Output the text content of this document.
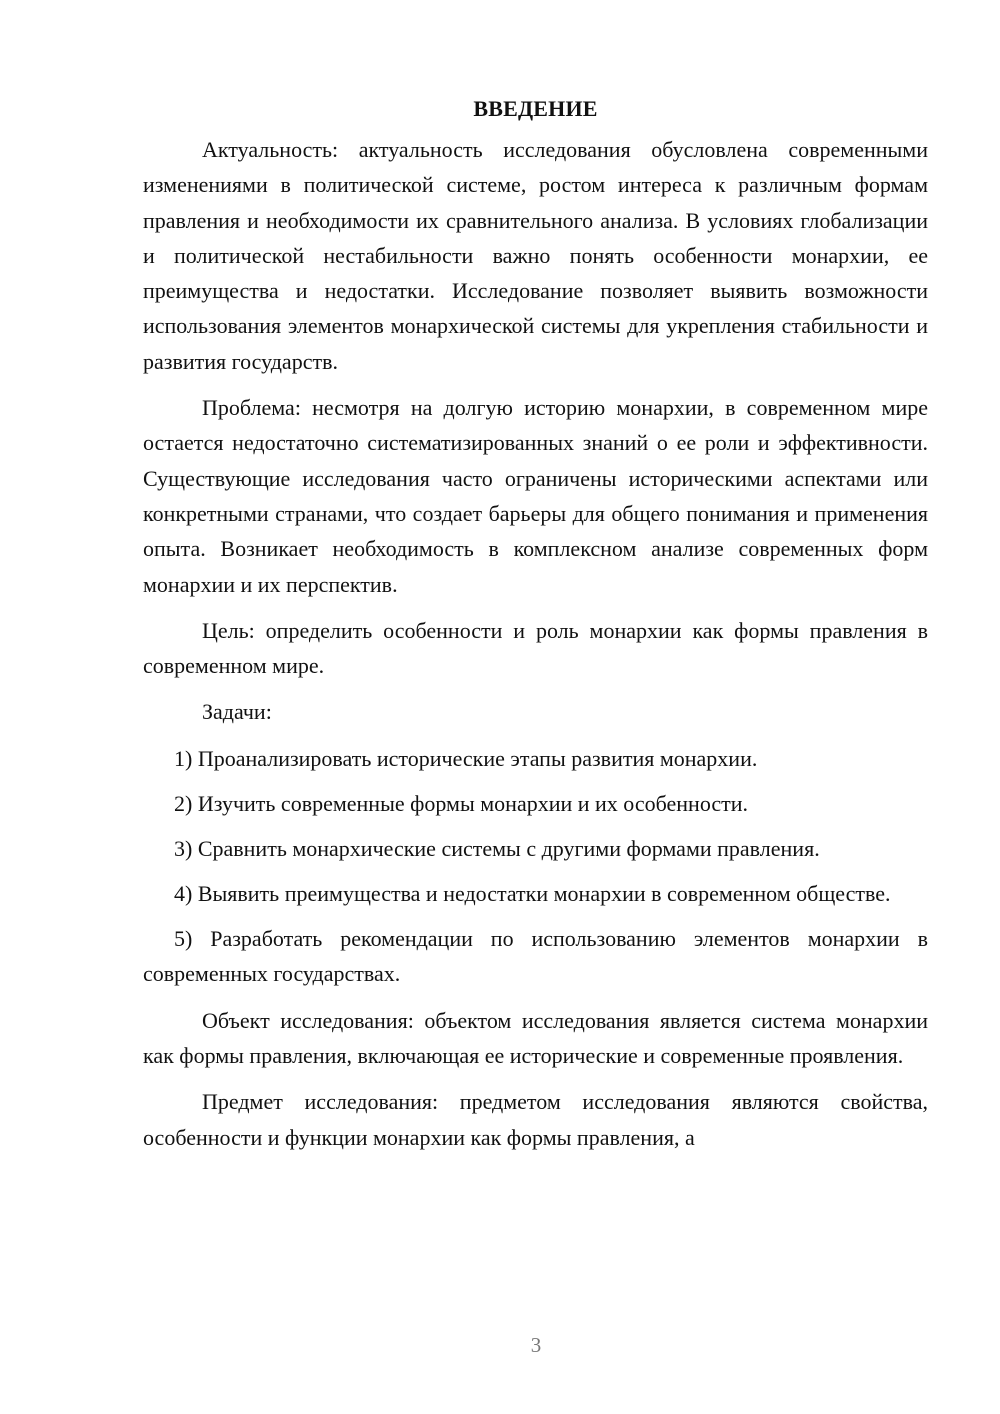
ВВЕДЕНИЕ

Актуальность: актуальность исследования обусловлена современными изменениями в политической системе, ростом интереса к различным формам правления и необходимости их сравнительного анализа. В условиях глобализации и политической нестабильности важно понять особенности монархии, ее преимущества и недостатки. Исследование позволяет выявить возможности использования элементов монархической системы для укрепления стабильности и развития государств.

Проблема: несмотря на долгую историю монархии, в современном мире остается недостаточно систематизированных знаний о ее роли и эффективности. Существующие исследования часто ограничены историческими аспектами или конкретными странами, что создает барьеры для общего понимания и применения опыта. Возникает необходимость в комплексном анализе современных форм монархии и их перспектив.

Цель: определить особенности и роль монархии как формы правления в современном мире.

Задачи:

1) Проанализировать исторические этапы развития монархии.

2) Изучить современные формы монархии и их особенности.

3) Сравнить монархические системы с другими формами правления.

4) Выявить преимущества и недостатки монархии в современном обществе.

5) Разработать рекомендации по использованию элементов монархии в современных государствах.

Объект исследования: объектом исследования является система монархии как формы правления, включающая ее исторические и современные проявления.

Предмет исследования: предметом исследования являются свойства, особенности и функции монархии как формы правления, а

3
